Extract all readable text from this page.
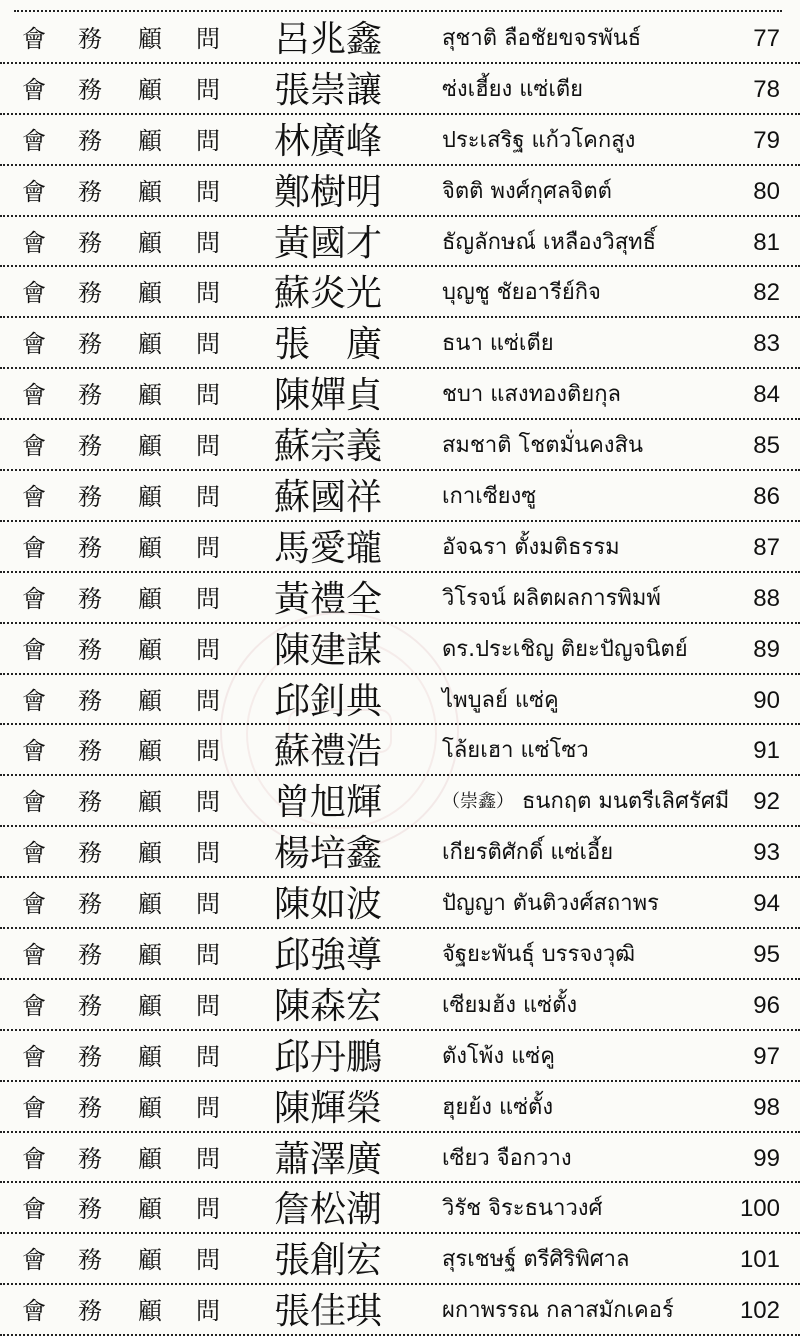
會 務 顧 問 呂兆鑫	สุชาติ ลือชัยขจรพันธ์	77
會 務 顧 問 張崇讓	ซ่งเฮี้ยง แซ่เตีย	78
會 務 顧 問 林廣峰	ประเสริฐ แก้วโคกสูง	79
會 務 顧 問 鄭樹明	จิตติ พงศ์กุศลจิตต์	80
會 務 顧 問 黃國才	ธัญลักษณ์ เหลืองวิสุทธิ์	81
會 務 顧 問 蘇炎光	บุญชู ชัยอารีย์กิจ	82
會 務 顧 問 張　廣	ธนา แซ่เตีย	83
會 務 顧 問 陳嬋貞	ชบา แสงทองติยกุล	84
會 務 顧 問 蘇宗義	สมชาติ โชตมั่นคงสิน	85
會 務 顧 問 蘇國祥	เกาเซียงซู	86
會 務 顧 問 馬愛瓏	อัจฉรา ตั้งมติธรรม	87
會 務 顧 問 黃禮全	วิโรจน์ ผลิตผลการพิมพ์	88
會 務 顧 問 陳建謀	ดร.ประเชิญ ติยะปัญจนิตย์	89
會 務 顧 問 邱釗典	ไพบูลย์ แซ่คู	90
會 務 顧 問 蘇禮浩	โล้ยเฮา แซ่โซว	91
會 務 顧 問 曾旭輝	（崇鑫） ธนกฤต มนตรีเลิศรัศมี 92
會 務 顧 問 楊培鑫	เกียรติศักดิ์ แซ่เอี้ย	93
會 務 顧 問 陳如波	ปัญญา ตันติวงศ์สถาพร	94
會 務 顧 問 邱強導	จัฐยะพันธุ์ บรรจงวุฒิ	95
會 務 顧 問 陳森宏	เซียมฮ้ง แซ่ตั้ง	96
會 務 顧 問 邱丹鵬	ตังโพ้ง แซ่คู	97
會 務 顧 問 陳輝榮	ฮุยย้ง แซ่ตั้ง	98
會 務 顧 問 蕭澤廣	เซียว จือกวาง	99
會 務 顧 問 詹松潮	วิรัช จิระธนาวงศ์	100
會 務 顧 問 張創宏	สุรเชษฐ์ ตรีศิริพิศาล	101
會 務 顧 問 張佳琪	ผกาพรรณ กลาสมักเคอร์	102
